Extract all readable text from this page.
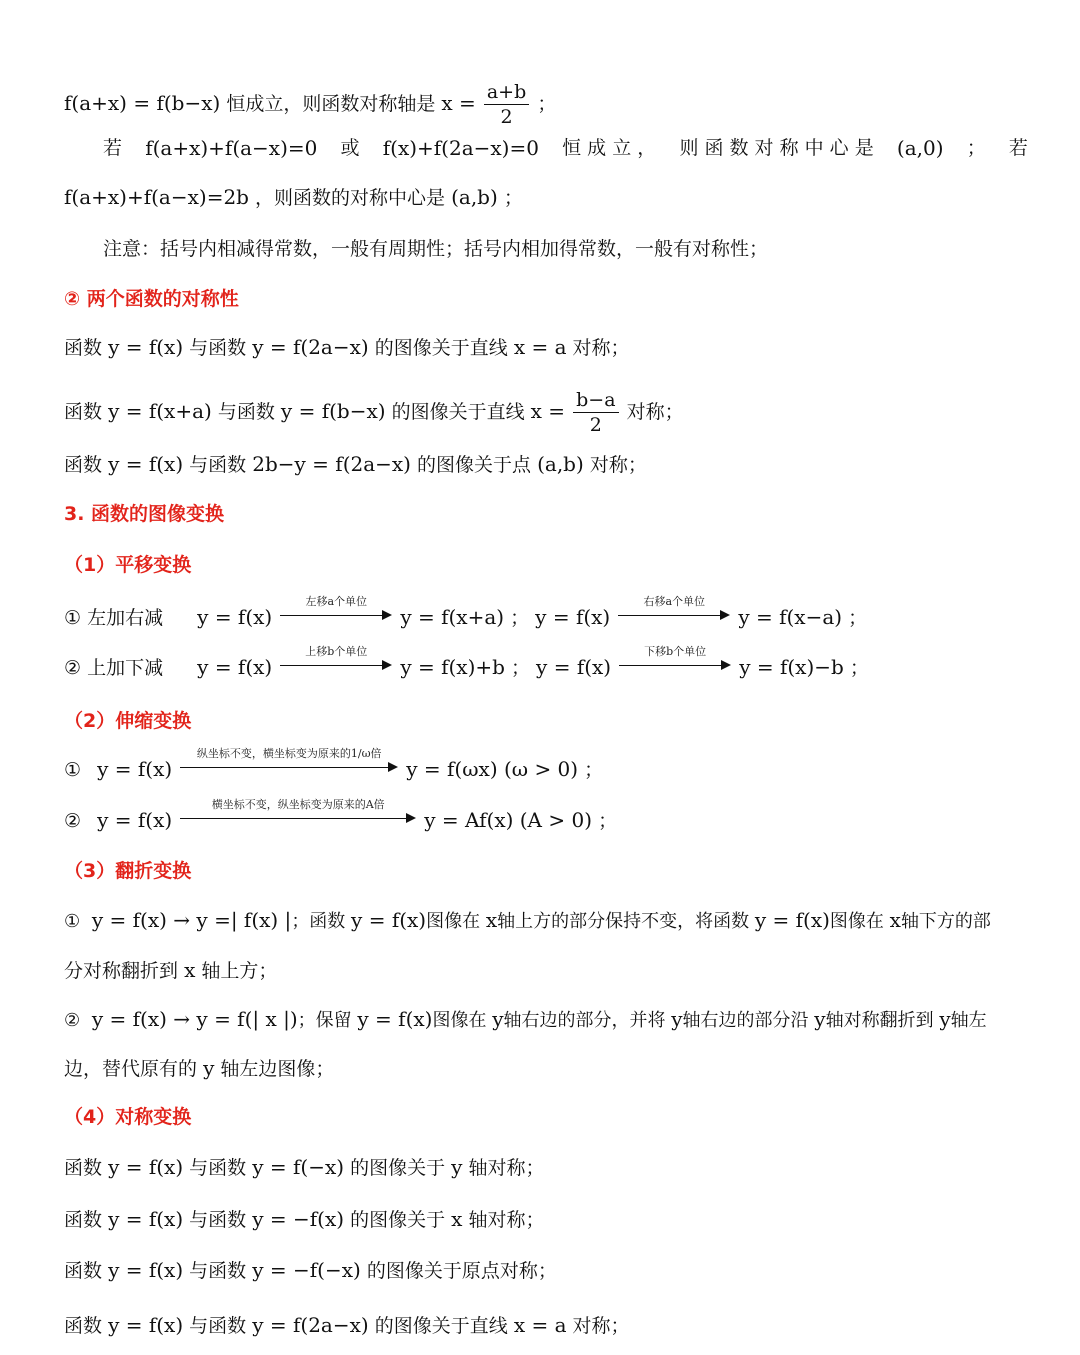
f(a+x) = f(b−x) 恒成立，则函数对称轴是 $x = \frac{a+b}{2}$ ；
若 f(a+x)+f(a−x)=0 或 f(x)+f(2a−x)=0 恒 成 立 ， 则 函 数 对 称 中 心 是 (a,0) ； 若
f(a+x)+f(a−x)=2b ，则函数的对称中心是 (a,b) ；
注意：括号内相减得常数，一般有周期性；括号内相加得常数，一般有对称性；
② 两个函数的对称性
函数 y = f(x) 与函数 y = f(2a−x) 的图像关于直线 x = a 对称；
函数 y = f(x+a) 与函数 y = f(b−x) 的图像关于直线 $x = \frac{b-a}{2}$ 对称；
函数 y = f(x) 与函数 2b−y = f(2a−x) 的图像关于点 (a,b) 对称；
3. 函数的图像变换
（1）平移变换
① 左加右减 y = f(x)
左移a个单位
y = f(x+a) ； y = f(x)
右移a个单位
y = f(x−a) ；
② 上加下减 y = f(x)
上移b个单位
y = f(x)+b ； y = f(x)
下移b个单位
y = f(x)−b ；
（2）伸缩变换
① y = f(x)
纵坐标不变，横坐标变为原来的1/ω倍
y = f(ωx) (ω > 0) ；
② y = f(x)
横坐标不变，纵坐标变为原来的A倍
y = Af(x) (A > 0) ；
（3）翻折变换
① y = f(x) → y =| f(x) |；函数 y = f(x)图像在 x轴上方的部分保持不变，将函数 y = f(x)图像在 x轴下方的部
分对称翻折到 x 轴上方；
② y = f(x) → y = f(| x |)；保留 y = f(x)图像在 y轴右边的部分，并将 y轴右边的部分沿 y轴对称翻折到 y轴左
边，替代原有的 y 轴左边图像；
（4）对称变换
函数 y = f(x) 与函数 y = f(−x) 的图像关于 y 轴对称；
函数 y = f(x) 与函数 y = −f(x) 的图像关于 x 轴对称；
函数 y = f(x) 与函数 y = −f(−x) 的图像关于原点对称；
函数 y = f(x) 与函数 y = f(2a−x) 的图像关于直线 x = a 对称；
